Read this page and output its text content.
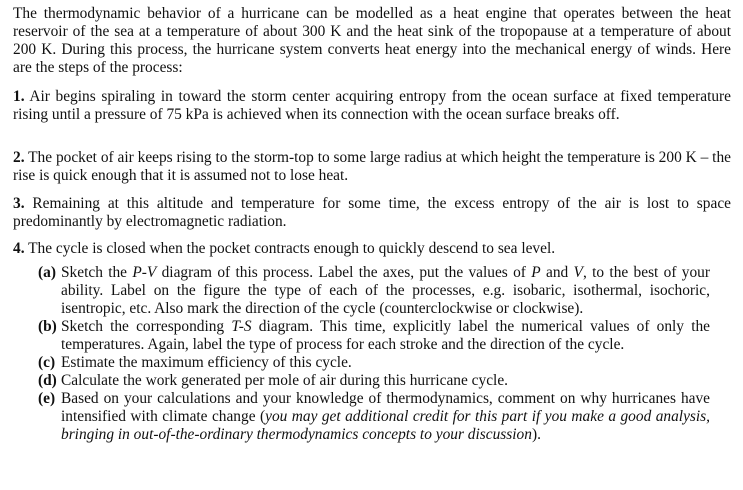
The thermodynamic behavior of a hurricane can be modelled as a heat engine that operates between the heat reservoir of the sea at a temperature of about 300 K and the heat sink of the tropopause at a temperature of about 200 K. During this process, the hurricane system converts heat energy into the mechanical energy of winds. Here are the steps of the process:

1. Air begins spiraling in toward the storm center acquiring entropy from the ocean surface at fixed temperature rising until a pressure of 75 kPa is achieved when its connection with the ocean surface breaks off.

2. The pocket of air keeps rising to the storm-top to some large radius at which height the temperature is 200 K – the rise is quick enough that it is assumed not to lose heat.

3. Remaining at this altitude and temperature for some time, the excess entropy of the air is lost to space predominantly by electromagnetic radiation.

4. The cycle is closed when the pocket contracts enough to quickly descend to sea level.

(a) Sketch the P-V diagram of this process. Label the axes, put the values of P and V, to the best of your ability. Label on the figure the type of each of the processes, e.g. isobaric, isothermal, isochoric, isentropic, etc. Also mark the direction of the cycle (counterclockwise or clockwise).

(b) Sketch the corresponding T-S diagram. This time, explicitly label the numerical values of only the temperatures. Again, label the type of process for each stroke and the direction of the cycle.

(c) Estimate the maximum efficiency of this cycle.

(d) Calculate the work generated per mole of air during this hurricane cycle.

(e) Based on your calculations and your knowledge of thermodynamics, comment on why hurricanes have intensified with climate change (you may get additional credit for this part if you make a good analysis, bringing in out-of-the-ordinary thermodynamics concepts to your discussion).
